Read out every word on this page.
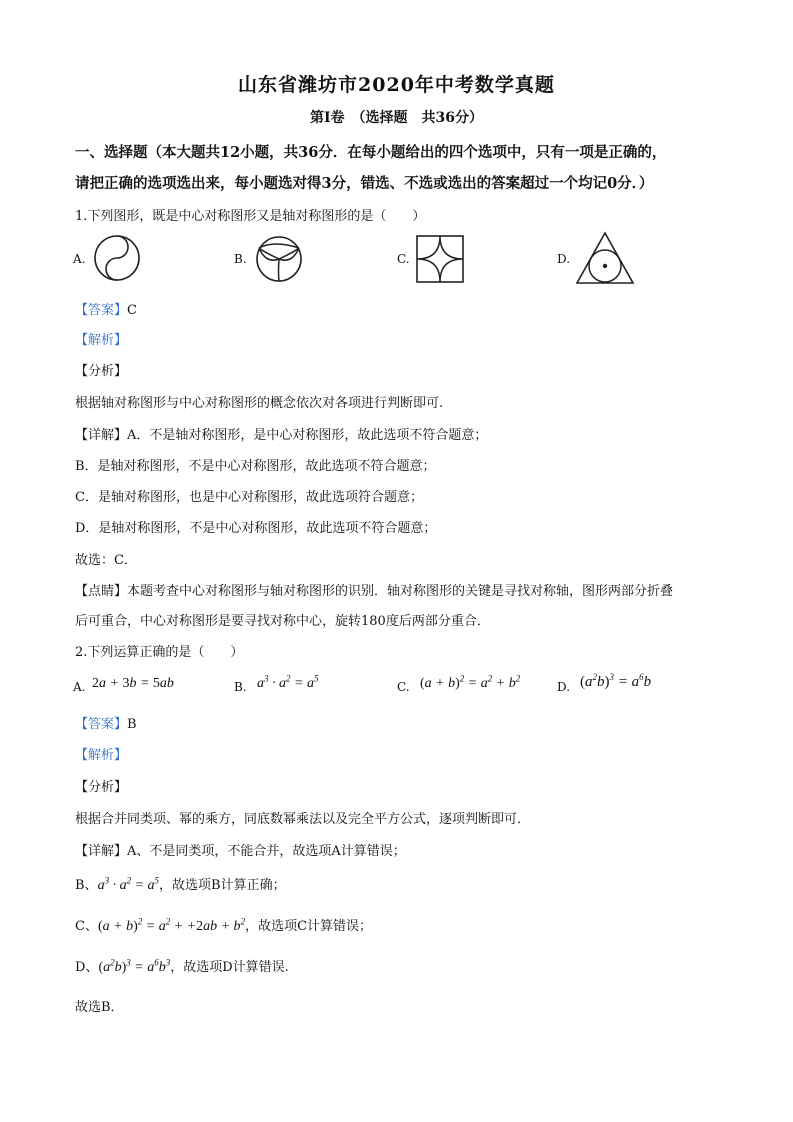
山东省潍坊市2020年中考数学真题
第Ⅰ卷　（选择题　共36分）
一、选择题（本大题共12小题，共36分．在每小题给出的四个选项中，只有一项是正确的，
请把正确的选项选出来，每小题选对得3分，错选、不选或选出的答案超过一个均记0分．）
1.下列图形，既是中心对称图形又是轴对称图形的是（　　）
A.	B.	C.	D.
【答案】C
【解析】
【分析】
根据轴对称图形与中心对称图形的概念依次对各项进行判断即可.
【详解】A．不是轴对称图形，是中心对称图形，故此选项不符合题意；
B．是轴对称图形，不是中心对称图形，故此选项不符合题意；
C．是轴对称图形，也是中心对称图形，故此选项符合题意；
D．是轴对称图形，不是中心对称图形，故此选项不符合题意；
故选：C．
【点睛】本题考查中心对称图形与轴对称图形的识别．轴对称图形的关键是寻找对称轴，图形两部分折叠
后可重合，中心对称图形是要寻找对称中心，旋转180度后两部分重合．
2.下列运算正确的是（　　）
A. 2a + 3b = 5ab	B. $a^3 \cdot a^2 = a^5$
C. $(a + b)^2 = a^2 + b^2$
D. $(a^2b)^3 = a^6b$
【答案】B
【解析】
【分析】
根据合并同类项、幂的乘方，同底数幂乘法以及完全平方公式，逐项判断即可．
【详解】A、不是同类项，不能合并，故选项A计算错误；
B、$a^3 \cdot a^2 = a^5$，故选项B计算正确；
C、$(a + b)^2 = a^2 + +2ab + b^2$，故选项C计算错误；
D、$(a^2b)^3 = a^6b^3$，故选项D计算错误.
故选B．
